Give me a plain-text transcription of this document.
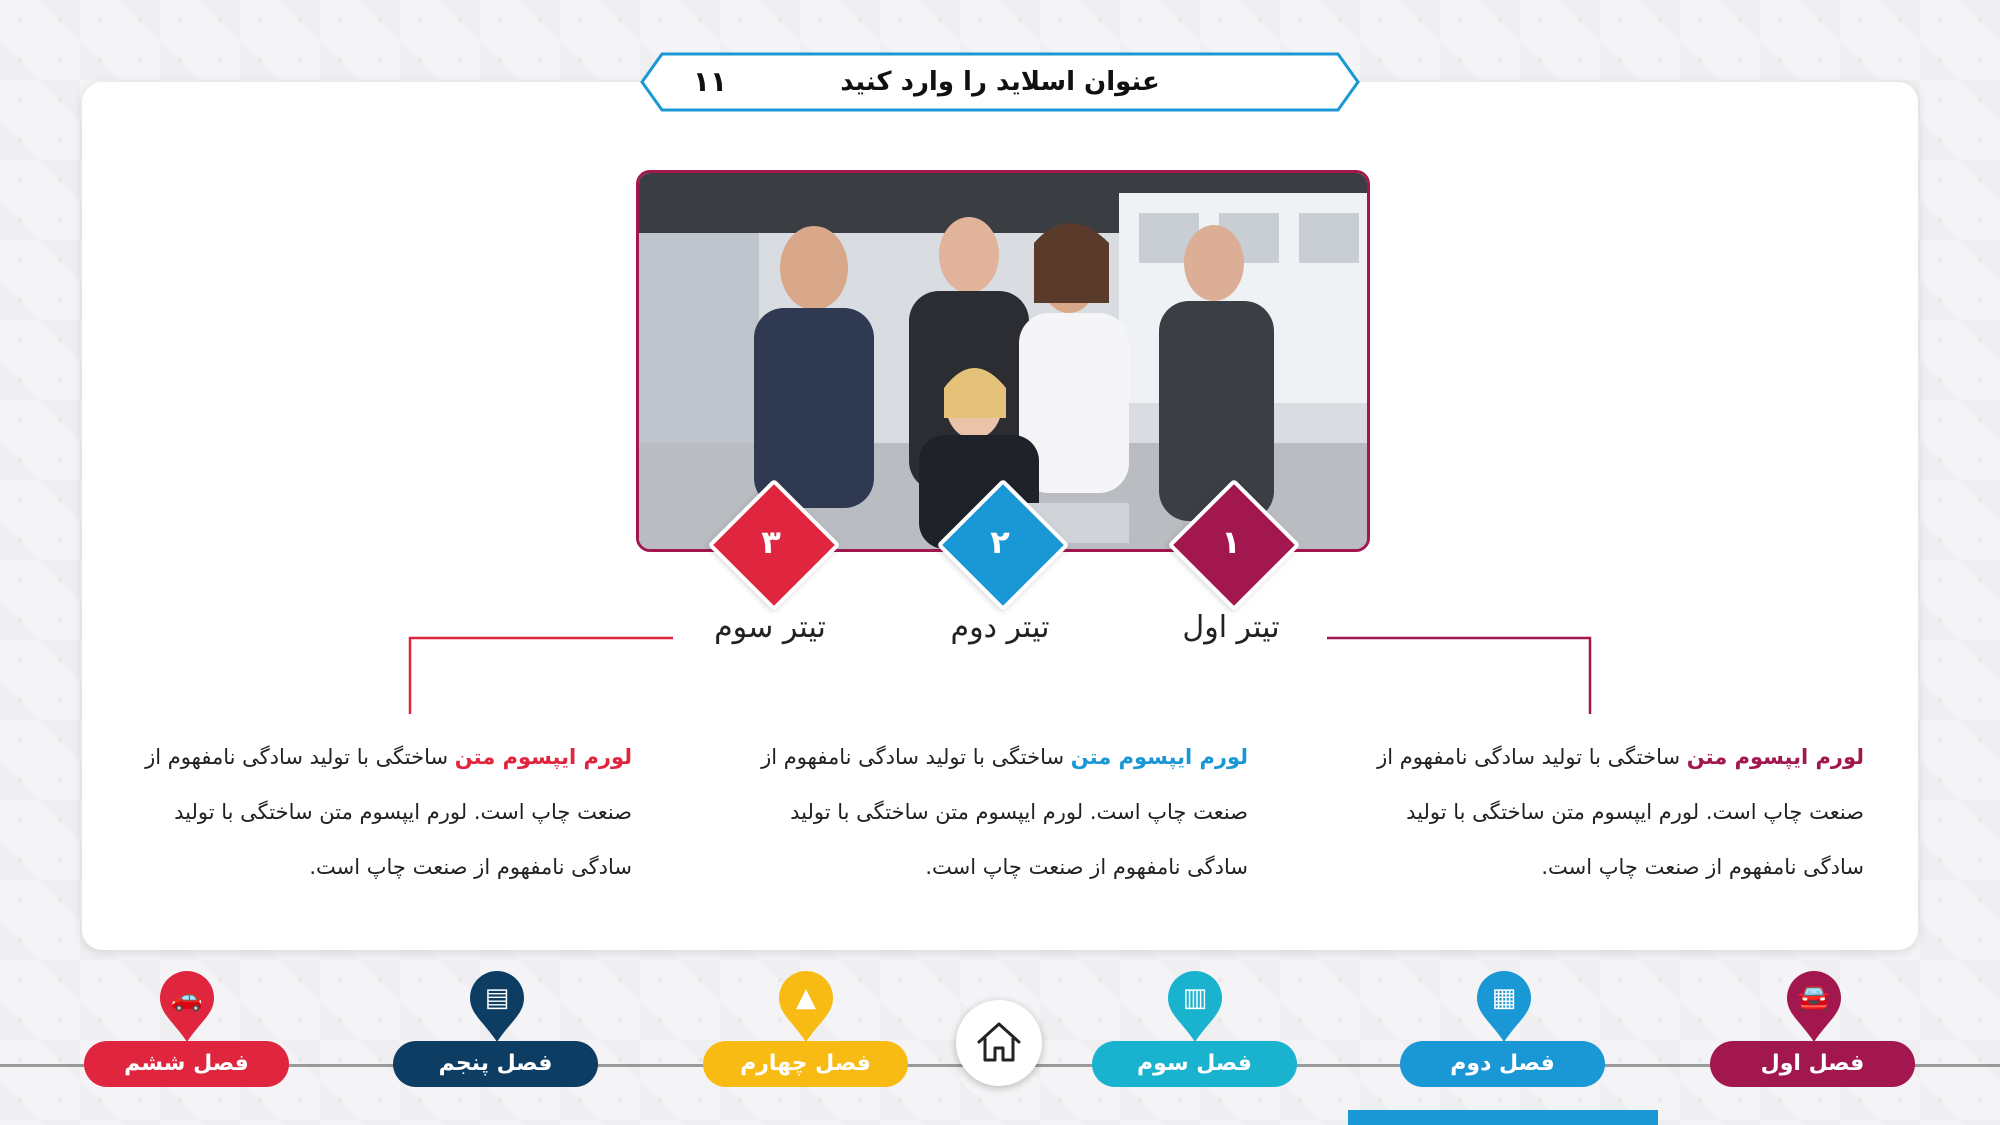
۱۱	عنوان اسلاید را وارد کنید
۱
۲
۳
تیتر اول
تیتر دوم
تیتر سوم
لورم ایپسوم متن ساختگی با تولید سادگی نامفهوم از صنعت چاپ است. لورم ایپسوم متن ساختگی با تولید سادگی نامفهوم از صنعت چاپ است.
لورم ایپسوم متن ساختگی با تولید سادگی نامفهوم از صنعت چاپ است. لورم ایپسوم متن ساختگی با تولید سادگی نامفهوم از صنعت چاپ است.
لورم ایپسوم متن ساختگی با تولید سادگی نامفهوم از صنعت چاپ است. لورم ایپسوم متن ساختگی با تولید سادگی نامفهوم از صنعت چاپ است.
🚘
▦
▥
▲
▤
🚗
فصل اول
فصل دوم
فصل سوم
فصل چهارم
فصل پنجم
فصل ششم
